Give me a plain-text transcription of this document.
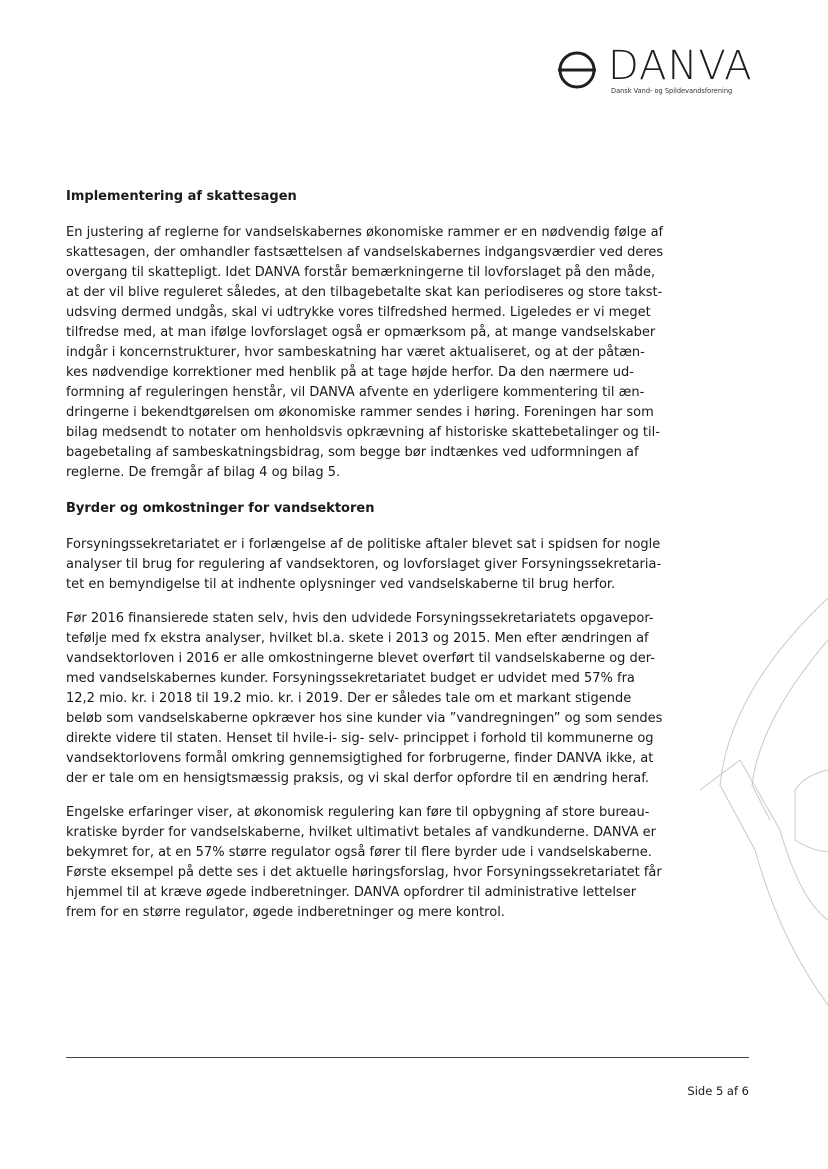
DANVA
Dansk Vand- og Spildevandsforening
Implementering af skattesagen

En justering af reglerne for vandselskabernes økonomiske rammer er en nødvendig følge af
skattesagen, der omhandler fastsættelsen af vandselskabernes indgangsværdier ved deres
overgang til skattepligt. Idet DANVA forstår bemærkningerne til lovforslaget på den måde,
at der vil blive reguleret således, at den tilbagebetalte skat kan periodiseres og store takst-
udsving dermed undgås, skal vi udtrykke vores tilfredshed hermed. Ligeledes er vi meget
tilfredse med, at man ifølge lovforslaget også er opmærksom på, at mange vandselskaber
indgår i koncernstrukturer, hvor sambeskatning har været aktualiseret, og at der påtæn-
kes nødvendige korrektioner med henblik på at tage højde herfor. Da den nærmere ud-
formning af reguleringen henstår, vil DANVA afvente en yderligere kommentering til æn-
dringerne i bekendtgørelsen om økonomiske rammer sendes i høring. Foreningen har som
bilag medsendt to notater om henholdsvis opkrævning af historiske skattebetalinger og til-
bagebetaling af sambeskatningsbidrag, som begge bør indtænkes ved udformningen af
reglerne. De fremgår af bilag 4 og bilag 5.

Byrder og omkostninger for vandsektoren

Forsyningssekretariatet er i forlængelse af de politiske aftaler blevet sat i spidsen for nogle
analyser til brug for regulering af vandsektoren, og lovforslaget giver Forsyningssekretaria-
tet en bemyndigelse til at indhente oplysninger ved vandselskaberne til brug herfor.

Før 2016 finansierede staten selv, hvis den udvidede Forsyningssekretariatets opgavepor-
tefølje med fx ekstra analyser, hvilket bl.a. skete i 2013 og 2015. Men efter ændringen af
vandsektorloven i 2016 er alle omkostningerne blevet overført til vandselskaberne og der-
med vandselskabernes kunder. Forsyningssekretariatet budget er udvidet med 57% fra
12,2 mio. kr. i 2018 til 19.2 mio. kr. i 2019. Der er således tale om et markant stigende
beløb som vandselskaberne opkræver hos sine kunder via ”vandregningen” og som sendes
direkte videre til staten. Henset til hvile-i- sig- selv- princippet i forhold til kommunerne og
vandsektorlovens formål omkring gennemsigtighed for forbrugerne, finder DANVA ikke, at
der er tale om en hensigtsmæssig praksis, og vi skal derfor opfordre til en ændring heraf.

Engelske erfaringer viser, at økonomisk regulering kan føre til opbygning af store bureau-
kratiske byrder for vandselskaberne, hvilket ultimativt betales af vandkunderne. DANVA er
bekymret for, at en 57% større regulator også fører til flere byrder ude i vandselskaberne.
Første eksempel på dette ses i det aktuelle høringsforslag, hvor Forsyningssekretariatet får
hjemmel til at kræve øgede indberetninger. DANVA opfordrer til administrative lettelser
frem for en større regulator, øgede indberetninger og mere kontrol.

Side 5 af 6
